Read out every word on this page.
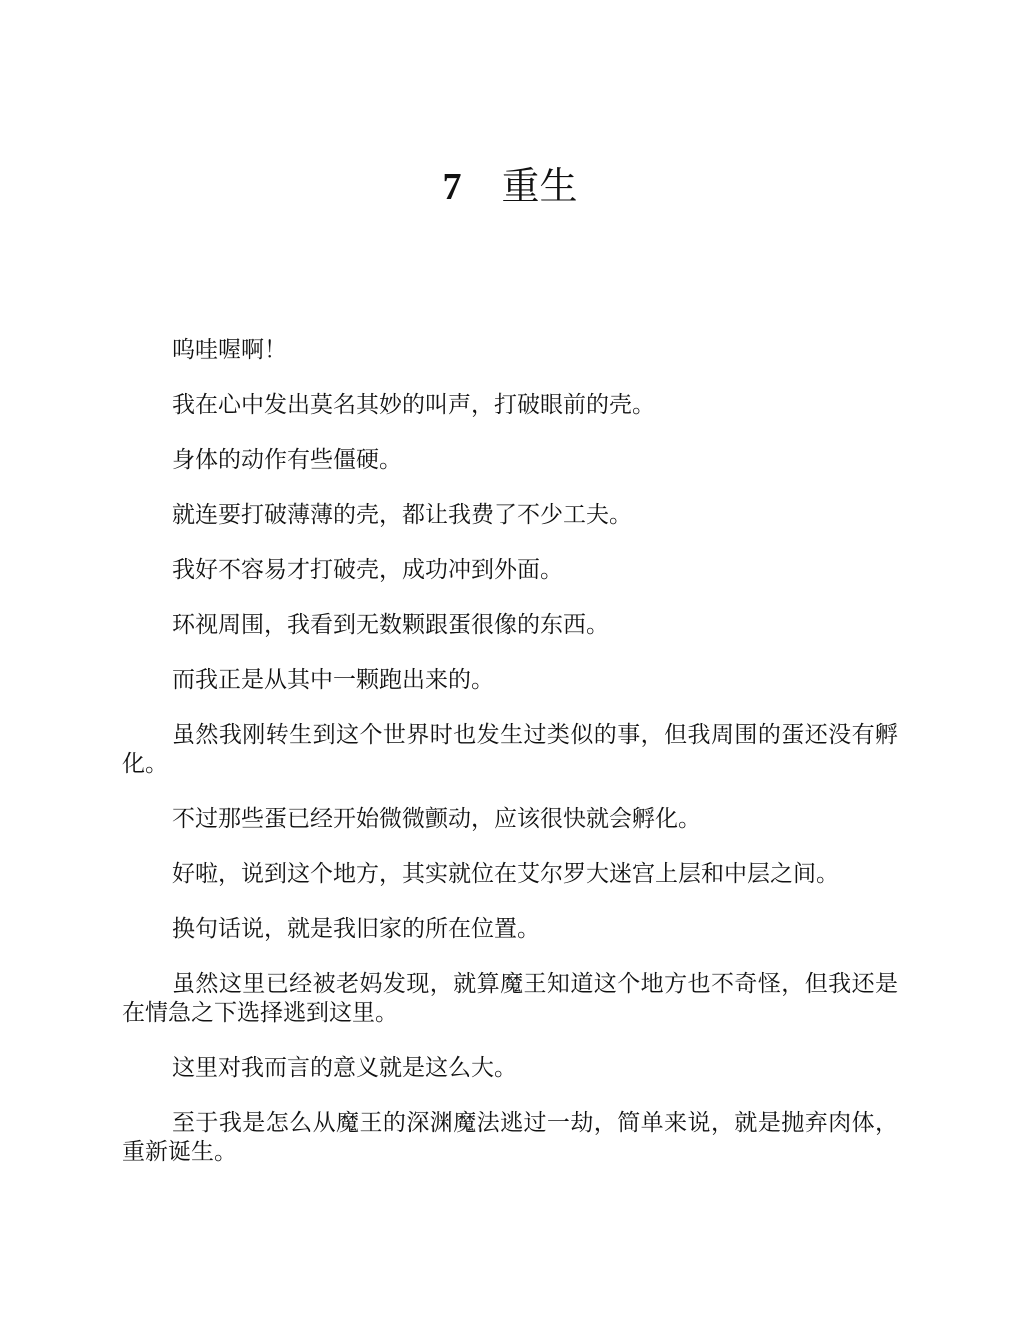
7 重生

呜哇喔啊！

我在心中发出莫名其妙的叫声，打破眼前的壳。

身体的动作有些僵硬。

就连要打破薄薄的壳，都让我费了不少工夫。

我好不容易才打破壳，成功冲到外面。

环视周围，我看到无数颗跟蛋很像的东西。

而我正是从其中一颗跑出来的。

虽然我刚转生到这个世界时也发生过类似的事，但我周围的蛋还没有孵化。

不过那些蛋已经开始微微颤动，应该很快就会孵化。

好啦，说到这个地方，其实就位在艾尔罗大迷宫上层和中层之间。

换句话说，就是我旧家的所在位置。

虽然这里已经被老妈发现，就算魔王知道这个地方也不奇怪，但我还是在情急之下选择逃到这里。

这里对我而言的意义就是这么大。

至于我是怎么从魔王的深渊魔法逃过一劫，简单来说，就是抛弃肉体，重新诞生。
